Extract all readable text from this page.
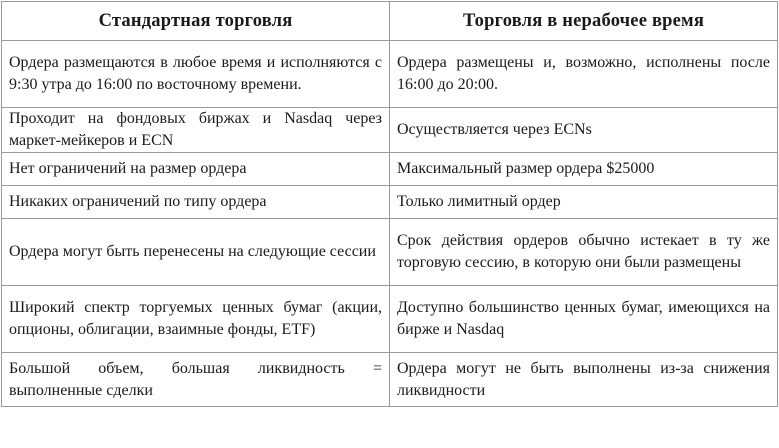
Стандартная торговля	Торговля в нерабочее время
Ордера размещаются в любое время и исполняются с 9:30 утра до 16:00 по восточному времени.	Ордера размещены и, возможно, исполнены после 16:00 до 20:00.
Проходит на фондовых биржах и Nasdaq через маркет-мейкеров и ECN	Осуществляется через ECNs
Нет ограничений на размер ордера	Максимальный размер ордера $25000
Никаких ограничений по типу ордера	Только лимитный ордер
Ордера могут быть перенесены на следующие сессии	Срок действия ордеров обычно истекает в ту же торговую сессию, в которую они были размещены
Широкий спектр торгуемых ценных бумаг (акции, опционы, облигации, взаимные фонды, ETF)	Доступно большинство ценных бумаг, имеющихся на бирже и Nasdaq
Большой объем, большая ликвидность = выполненные сделки	Ордера могут не быть выполнены из-за снижения ликвидности
